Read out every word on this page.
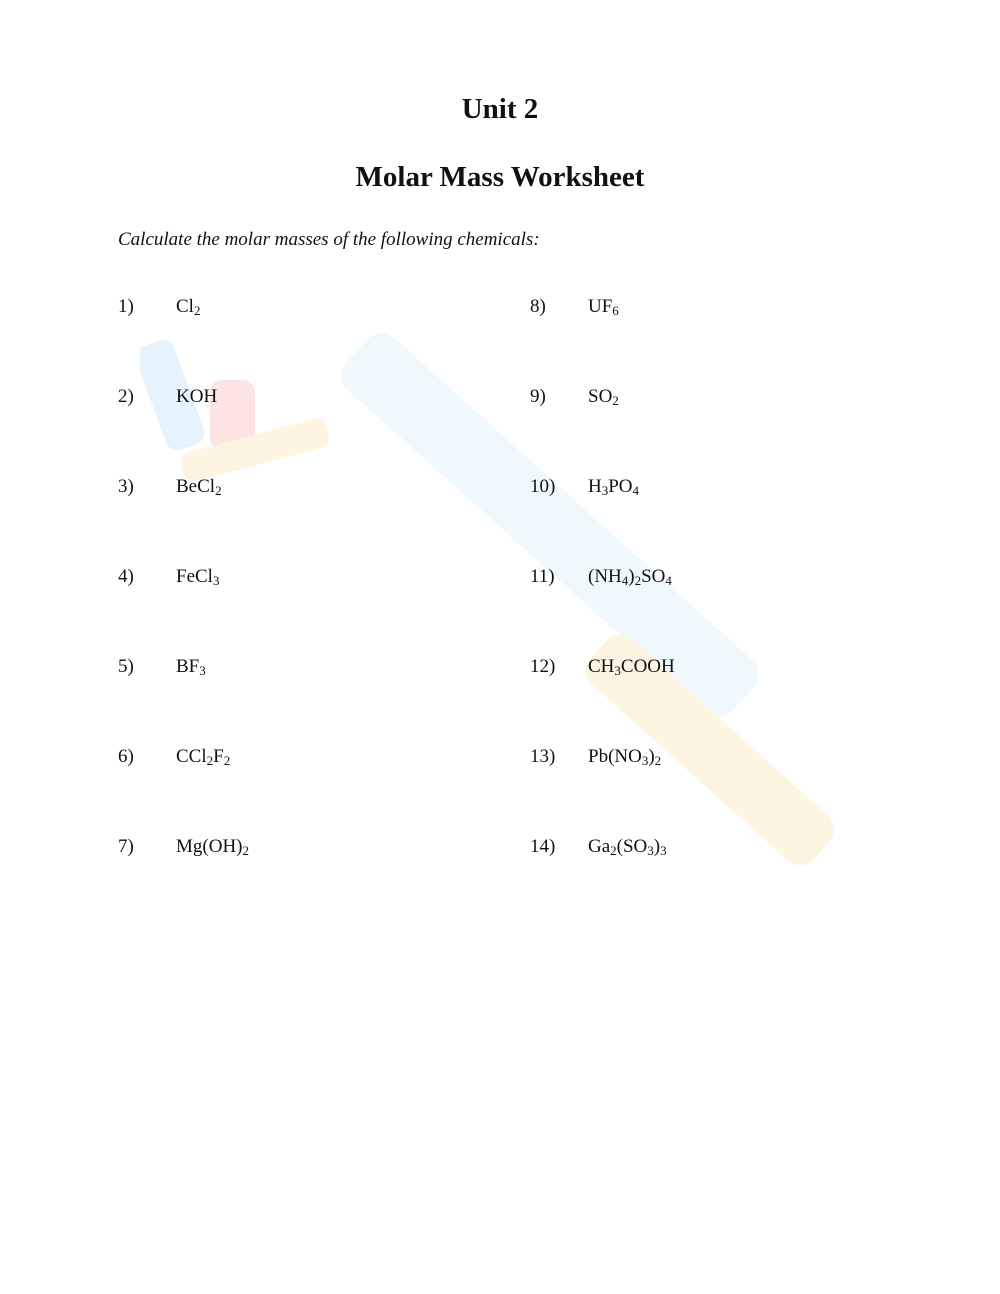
Unit 2
Molar Mass Worksheet

Calculate the molar masses of the following chemicals:

1) $Cl_2$
2) KOH
3) BeCl$_2$
4) FeCl$_3$
5) $BF_3$
6) $CCl_2F_2$
7) $Mg(OH)_2$
8) $UF_6$
9) $SO_2$
10) $H_3PO_4$
11) $(NH_4)_2SO_4$
12) $CH_3COOH$
13) $Pb(NO_3)_2$
14) $Ga_2(SO_3)_3$
